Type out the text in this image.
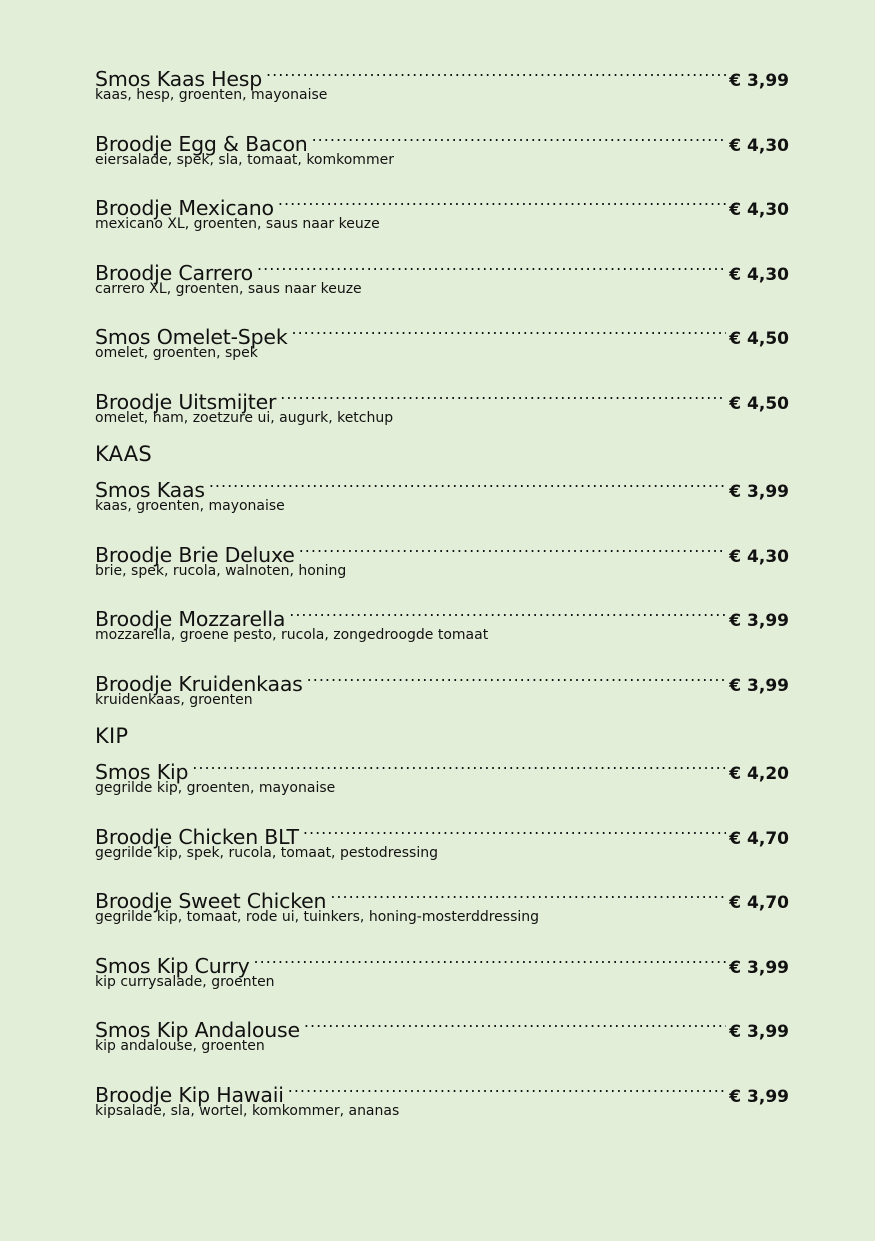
Smos Kaas Hesp .....	€ 3,99
kaas, hesp, groenten, mayonaise
Broodje Egg & Bacon .....	€ 4,30
eiersalade, spek, sla, tomaat, komkommer
Broodje Mexicano .....	€ 4,30
mexicano XL, groenten, saus naar keuze
Broodje Carrero .....	€ 4,30
carrero XL, groenten, saus naar keuze
Smos Omelet-Spek .....	€ 4,50
omelet, groenten, spek
Broodje Uitsmijter .....	€ 4,50
omelet, ham, zoetzure ui, augurk, ketchup
KAAS
Smos Kaas .....	€ 3,99
kaas, groenten, mayonaise
Broodje Brie Deluxe .....	€ 4,30
brie, spek, rucola, walnoten, honing
Broodje Mozzarella .....	€ 3,99
mozzarella, groene pesto, rucola, zongedroogde tomaat
Broodje Kruidenkaas .....	€ 3,99
kruidenkaas, groenten
KIP
Smos Kip .....	€ 4,20
gegrilde kip, groenten, mayonaise
Broodje Chicken BLT .....	€ 4,70
gegrilde kip, spek, rucola, tomaat, pestodressing
Broodje Sweet Chicken .....	€ 4,70
gegrilde kip, tomaat, rode ui, tuinkers, honing-mosterddressing
Smos Kip Curry .....	€ 3,99
kip currysalade, groenten
Smos Kip Andalouse .....	€ 3,99
kip andalouse, groenten
Broodje Kip Hawaii .....	€ 3,99
kipsalade, sla, wortel, komkommer, ananas
